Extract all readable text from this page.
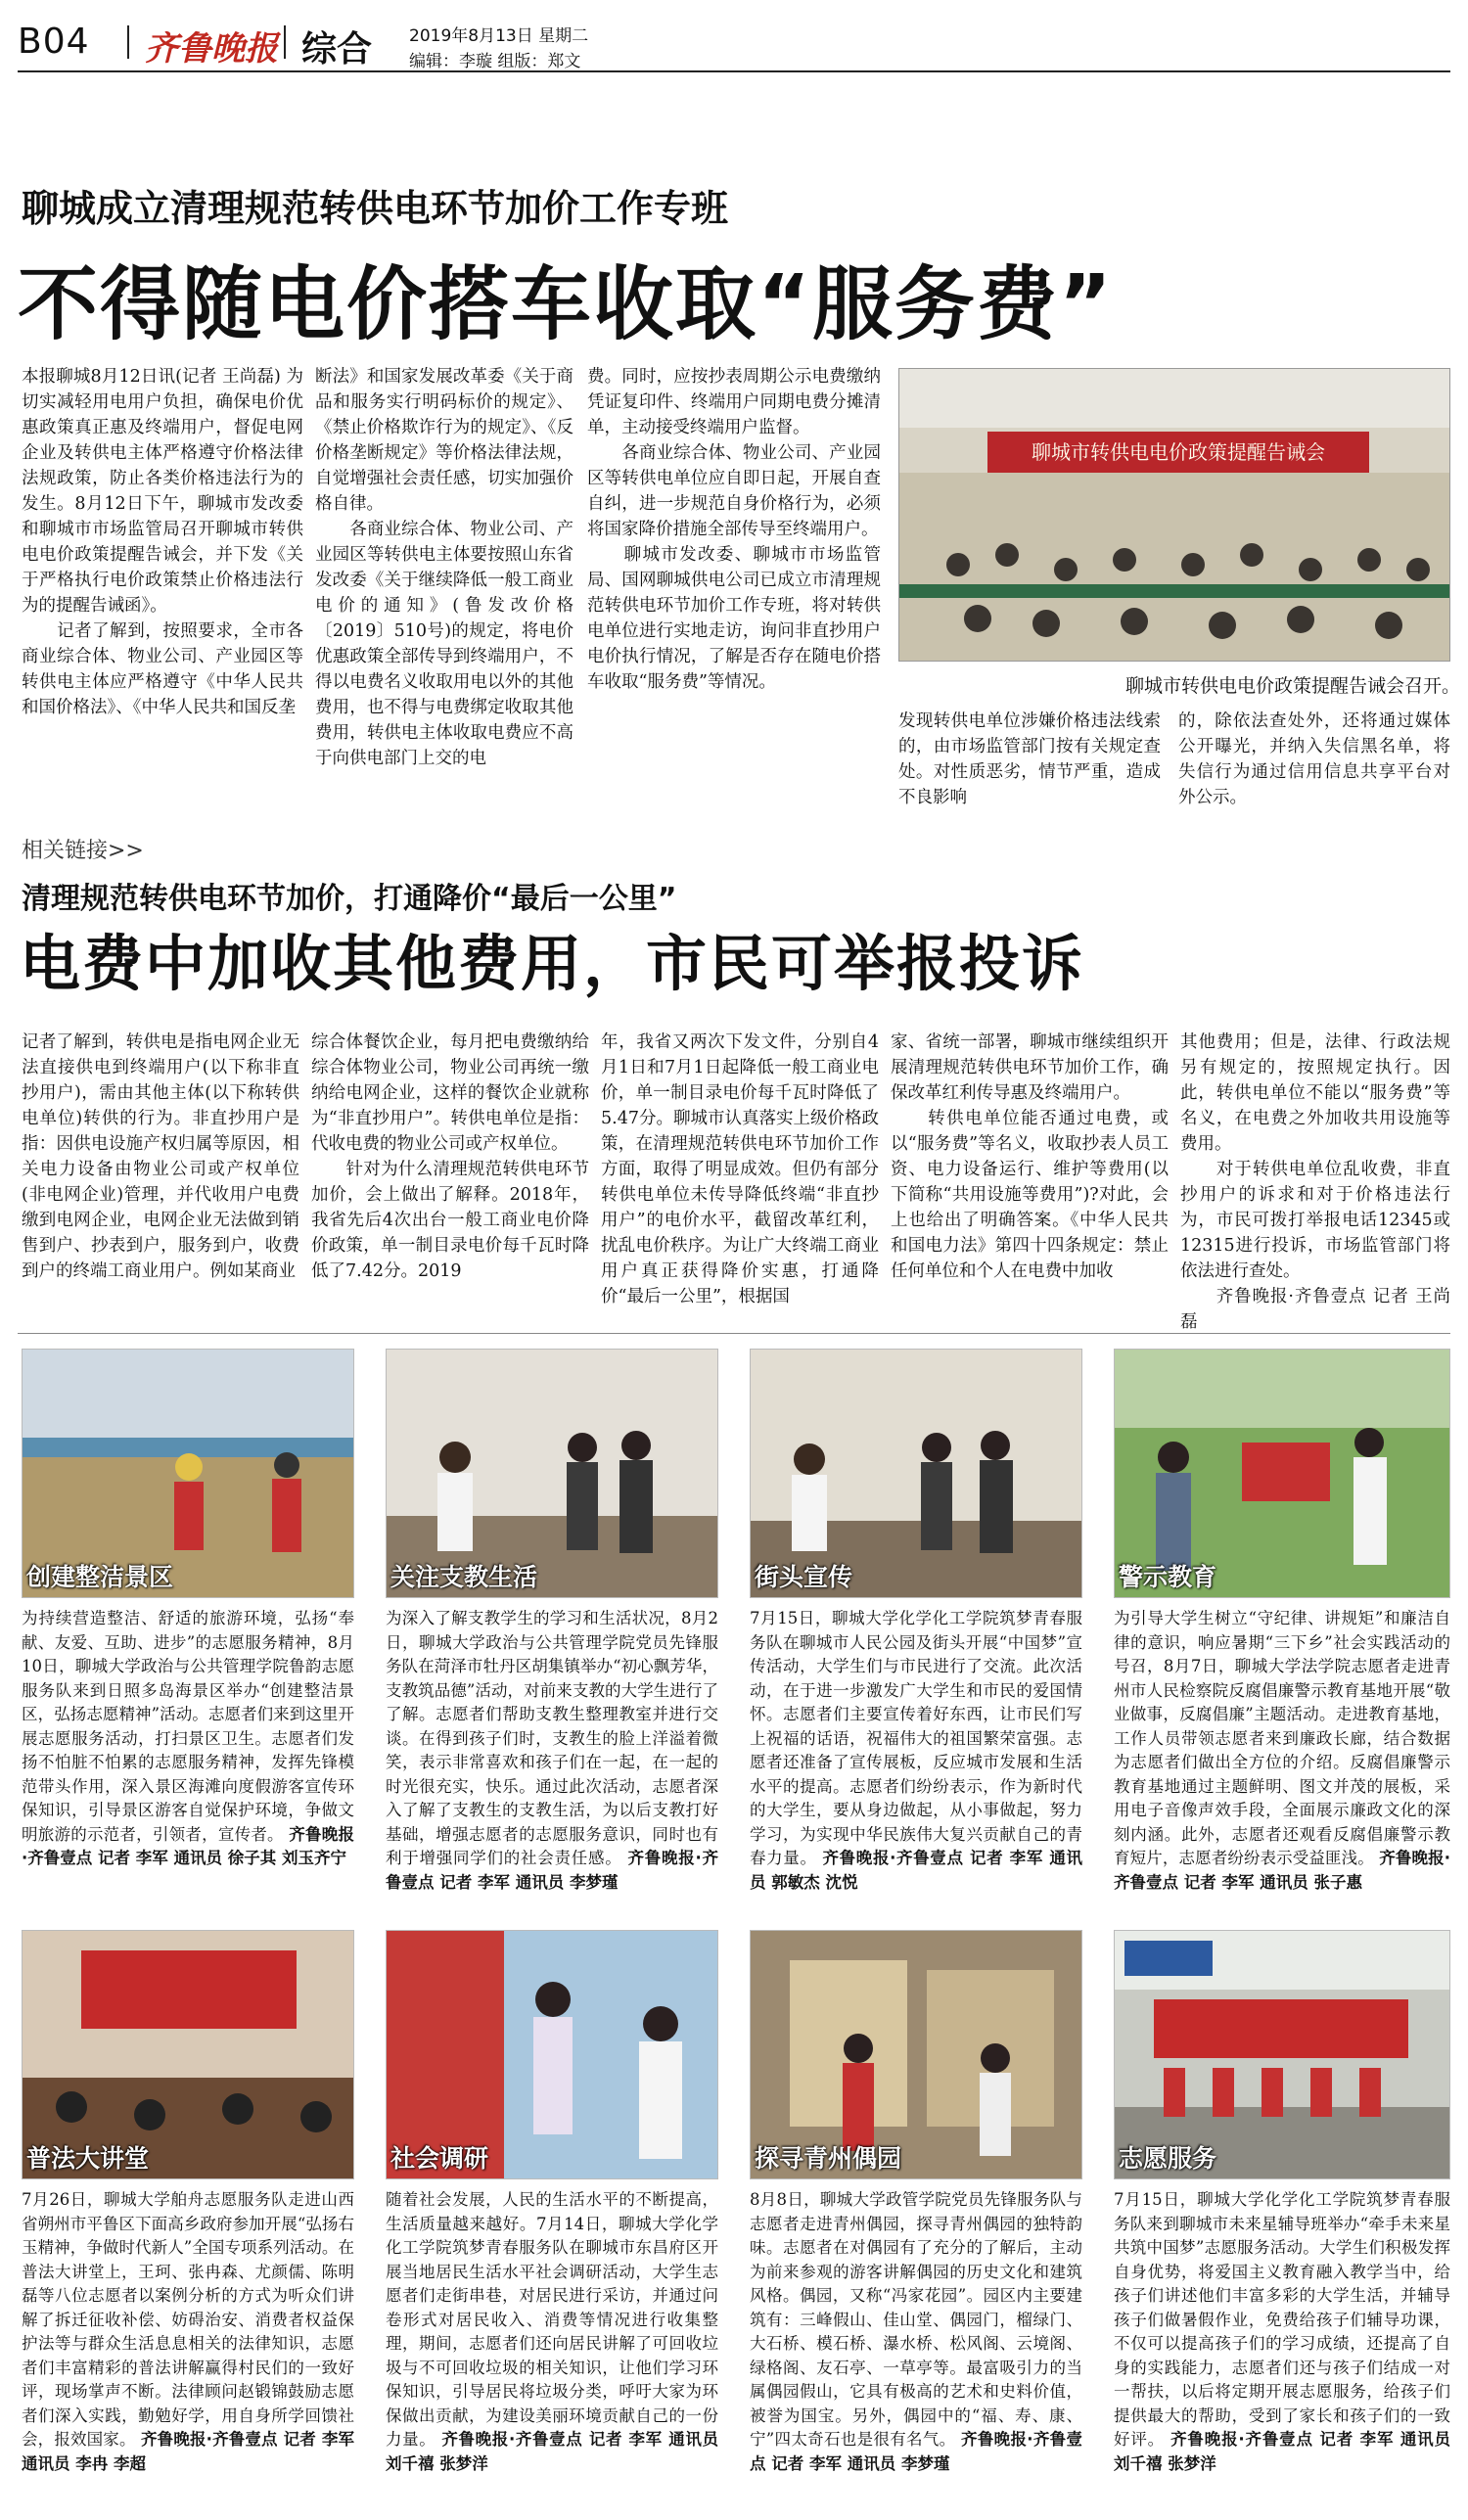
B04 齐鲁晚报 综合 2019年8月13日 星期二
编辑：李璇 组版：郑文
聊城成立清理规范转供电环节加价工作专班
不得随电价搭车收取“服务费”
本报聊城8月12日讯(记者 王尚磊) 为切实减轻用电用户负担，确保电价优惠政策真正惠及终端用户，督促电网企业及转供电主体严格遵守价格法律法规政策，防止各类价格违法行为的发生。8月12日下午，聊城市发改委和聊城市市场监管局召开聊城市转供电电价政策提醒告诫会，并下发《关于严格执行电价政策禁止价格违法行为的提醒告诫函》。
　　记者了解到，按照要求，全市各商业综合体、物业公司、产业园区等转供电主体应严格遵守《中华人民共和国价格法》、《中华人民共和国反垄
断法》和国家发展改革委《关于商品和服务实行明码标价的规定》、《禁止价格欺诈行为的规定》、《反价格垄断规定》等价格法律法规，自觉增强社会责任感，切实加强价格自律。
　　各商业综合体、物业公司、产业园区等转供电主体要按照山东省发改委《关于继续降低一般工商业电价的通知》(鲁发改价格〔2019〕510号)的规定，将电价优惠政策全部传导到终端用户，不得以电费名义收取用电以外的其他费用，也不得与电费绑定收取其他费用，转供电主体收取电费应不高于向供电部门上交的电
费。同时，应按抄表周期公示电费缴纳凭证复印件、终端用户同期电费分摊清单，主动接受终端用户监督。
　　各商业综合体、物业公司、产业园区等转供电单位应自即日起，开展自查自纠，进一步规范自身价格行为，必须将国家降价措施全部传导至终端用户。
　　聊城市发改委、聊城市市场监管局、国网聊城供电公司已成立市清理规范转供电环节加价工作专班，将对转供电单位进行实地走访，询问非直抄用户电价执行情况，了解是否存在随电价搭车收取“服务费”等情况。
聊城市转供电电价政策提醒告诫会
聊城市转供电电价政策提醒告诫会召开。
发现转供电单位涉嫌价格违法线索的，由市场监管部门按有关规定查处。对性质恶劣，情节严重，造成不良影响
的，除依法查处外，还将通过媒体公开曝光，并纳入失信黑名单，将失信行为通过信用信息共享平台对外公示。
相关链接>>
清理规范转供电环节加价，打通降价“最后一公里”
电费中加收其他费用，市民可举报投诉
记者了解到，转供电是指电网企业无法直接供电到终端用户(以下称非直抄用户)，需由其他主体(以下称转供电单位)转供的行为。非直抄用户是指：因供电设施产权归属等原因，相关电力设备由物业公司或产权单位(非电网企业)管理，并代收用户电费缴到电网企业，电网企业无法做到销售到户、抄表到户，服务到户，收费到户的终端工商业用户。例如某商业
综合体餐饮企业，每月把电费缴纳给综合体物业公司，物业公司再统一缴纳给电网企业，这样的餐饮企业就称为“非直抄用户”。转供电单位是指：代收电费的物业公司或产权单位。
　　针对为什么清理规范转供电环节加价，会上做出了解释。2018年，我省先后4次出台一般工商业电价降价政策，单一制目录电价每千瓦时降低了7.42分。2019
年，我省又两次下发文件，分别自4月1日和7月1日起降低一般工商业电价，单一制目录电价每千瓦时降低了5.47分。聊城市认真落实上级价格政策，在清理规范转供电环节加价工作方面，取得了明显成效。但仍有部分转供电单位未传导降低终端“非直抄用户”的电价水平，截留改革红利，扰乱电价秩序。为让广大终端工商业用户真正获得降价实惠，打通降价“最后一公里”，根据国
家、省统一部署，聊城市继续组织开展清理规范转供电环节加价工作，确保改革红利传导惠及终端用户。
　　转供电单位能否通过电费，或以“服务费”等名义，收取抄表人员工资、电力设备运行、维护等费用(以下简称“共用设施等费用”)?对此，会上也给出了明确答案。《中华人民共和国电力法》第四十四条规定：禁止任何单位和个人在电费中加收
其他费用；但是，法律、行政法规另有规定的，按照规定执行。因此，转供电单位不能以“服务费”等名义，在电费之外加收共用设施等费用。
　　对于转供电单位乱收费，非直抄用户的诉求和对于价格违法行为，市民可拨打举报电话12345或12315进行投诉，市场监管部门将依法进行查处。
　　齐鲁晚报·齐鲁壹点 记者 王尚磊
创建整洁景区	关注支教生活	街头宣传	警示教育
为持续营造整洁、舒适的旅游环境，弘扬“奉献、友爱、互助、进步”的志愿服务精神，8月10日，聊城大学政治与公共管理学院鲁韵志愿服务队来到日照多岛海景区举办“创建整洁景区，弘扬志愿精神”活动。志愿者们来到这里开展志愿服务活动，打扫景区卫生。志愿者们发扬不怕脏不怕累的志愿服务精神，发挥先锋模范带头作用，深入景区海滩向度假游客宣传环保知识，引导景区游客自觉保护环境，争做文明旅游的示范者，引领者，宣传者。 齐鲁晚报·齐鲁壹点 记者 李军 通讯员 徐子其 刘玉齐宁
为深入了解支教学生的学习和生活状况，8月2日，聊城大学政治与公共管理学院党员先锋服务队在菏泽市牡丹区胡集镇举办“初心飘芳华，支教筑品德”活动，对前来支教的大学生进行了了解。志愿者们帮助支教生整理教室并进行交谈。在得到孩子们时，支教生的脸上洋溢着微笑，表示非常喜欢和孩子们在一起，在一起的时光很充实，快乐。通过此次活动，志愿者深入了解了支教生的支教生活，为以后支教打好基础，增强志愿者的志愿服务意识，同时也有利于增强同学们的社会责任感。 齐鲁晚报·齐鲁壹点 记者 李军 通讯员 李梦瑾
7月15日，聊城大学化学化工学院筑梦青春服务队在聊城市人民公园及街头开展“中国梦”宣传活动，大学生们与市民进行了交流。此次活动，在于进一步激发广大学生和市民的爱国情怀。志愿者们主要宣传着好东西，让市民们写上祝福的话语，祝福伟大的祖国繁荣富强。志愿者还准备了宣传展板，反应城市发展和生活水平的提高。志愿者们纷纷表示，作为新时代的大学生，要从身边做起，从小事做起，努力学习，为实现中华民族伟大复兴贡献自己的青春力量。 齐鲁晚报·齐鲁壹点 记者 李军 通讯员 郭敏杰 沈悦
为引导大学生树立“守纪律、讲规矩”和廉洁自律的意识，响应暑期“三下乡”社会实践活动的号召，8月7日，聊城大学法学院志愿者走进青州市人民检察院反腐倡廉警示教育基地开展“敬业做事，反腐倡廉”主题活动。走进教育基地，工作人员带领志愿者来到廉政长廊，结合数据为志愿者们做出全方位的介绍。反腐倡廉警示教育基地通过主题鲜明、图文并茂的展板，采用电子音像声效手段，全面展示廉政文化的深刻内涵。此外，志愿者还观看反腐倡廉警示教育短片，志愿者纷纷表示受益匪浅。 齐鲁晚报·齐鲁壹点 记者 李军 通讯员 张子惠
普法大讲堂	社会调研	探寻青州偶园	志愿服务
7月26日，聊城大学舶舟志愿服务队走进山西省朔州市平鲁区下面高乡政府参加开展“弘扬右玉精神，争做时代新人”全国专项系列活动。在普法大讲堂上，王珂、张冉森、尤颜儒、陈明磊等八位志愿者以案例分析的方式为听众们讲解了拆迁征收补偿、妨碍治安、消费者权益保护法等与群众生活息息相关的法律知识，志愿者们丰富精彩的普法讲解赢得村民们的一致好评，现场掌声不断。法律顾问赵锻锦鼓励志愿者们深入实践，勤勉好学，用自身所学回馈社会，报效国家。 齐鲁晚报·齐鲁壹点 记者 李军 通讯员 李冉 李超
随着社会发展，人民的生活水平的不断提高，生活质量越来越好。7月14日，聊城大学化学化工学院筑梦青春服务队在聊城市东昌府区开展当地居民生活水平社会调研活动，大学生志愿者们走街串巷，对居民进行采访，并通过问卷形式对居民收入、消费等情况进行收集整理，期间，志愿者们还向居民讲解了可回收垃圾与不可回收垃圾的相关知识，让他们学习环保知识，引导居民将垃圾分类，呼吁大家为环保做出贡献，为建设美丽环境贡献自己的一份力量。 齐鲁晚报·齐鲁壹点 记者 李军 通讯员 刘千禧 张梦洋
8月8日，聊城大学政管学院党员先锋服务队与志愿者走进青州偶园，探寻青州偶园的独特韵味。志愿者在对偶园有了充分的了解后，主动为前来参观的游客讲解偶园的历史文化和建筑风格。偶园，又称“冯家花园”。园区内主要建筑有：三峰假山、佳山堂、偶园门，榴绿门、大石桥、模石桥、瀑水桥、松风阁、云境阁、绿格阁、友石亭、一草亭等。最富吸引力的当属偶园假山，它具有极高的艺术和史料价值，被誉为国宝。另外，偶园中的“福、寿、康、宁”四太奇石也是很有名气。 齐鲁晚报·齐鲁壹点 记者 李军 通讯员 李梦瑾
7月15日，聊城大学化学化工学院筑梦青春服务队来到聊城市未来星辅导班举办“牵手未来星 共筑中国梦”志愿服务活动。大学生们积极发挥自身优势，将爱国主义教育融入教学当中，给孩子们讲述他们丰富多彩的大学生活，并辅导孩子们做暑假作业，免费给孩子们辅导功课，不仅可以提高孩子们的学习成绩，还提高了自身的实践能力，志愿者们还与孩子们结成一对一帮扶，以后将定期开展志愿服务，给孩子们提供最大的帮助，受到了家长和孩子们的一致好评。 齐鲁晚报·齐鲁壹点 记者 李军 通讯员 刘千禧 张梦洋
